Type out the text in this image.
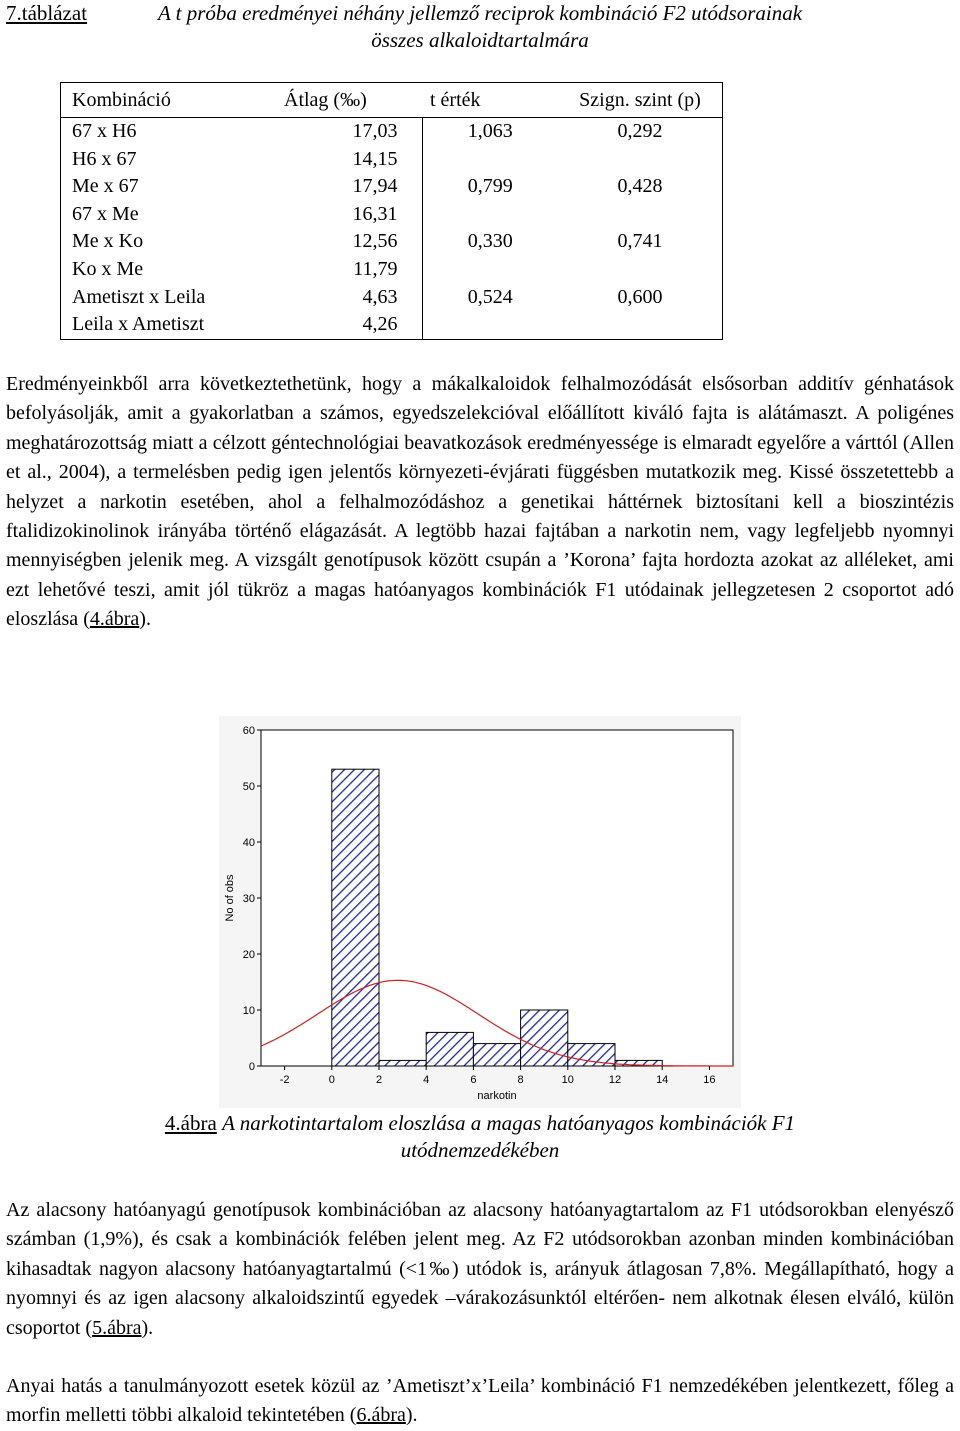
7.táblázat	A t próba eredményei néhány jellemző reciprok kombináció F2 utódsorainak
összes alkaloidtartalmára
Kombináció	Átlag (‰)	t érték	Szign. szint (p)
67 x H6	17,03	1,063	0,292
H6 x 67	14,15		
Me x 67	17,94	0,799	0,428
67 x Me	16,31		
Me x Ko	12,56	0,330	0,741
Ko x Me	11,79		
Ametiszt x Leila	4,63	0,524	0,600
Leila x Ametiszt	4,26		

Eredményeinkből arra következtethetünk, hogy a mákalkaloidok felhalmozódását elsősorban additív génhatások befolyásolják, amit a gyakorlatban a számos, egyedszelekcióval előállított kiváló fajta is alátámaszt. A poligénes meghatározottság miatt a célzott géntechnológiai beavatkozások eredményessége is elmaradt egyelőre a várttól (Allen et al., 2004), a termelésben pedig igen jelentős környezeti-évjárati függésben mutatkozik meg. Kissé összetettebb a helyzet a narkotin esetében, ahol a felhalmozódáshoz a genetikai háttérnek biztosítani kell a bioszintézis ftalidizokinolinok irányába történő elágazását. A legtöbb hazai fajtában a narkotin nem, vagy legfeljebb nyomnyi mennyiségben jelenik meg. A vizsgált genotípusok között csupán a ’Korona’ fajta hordozta azokat az alléleket, ami ezt lehetővé teszi, amit jól tükröz a magas hatóanyagos kombinációk F1 utódainak jellegzetesen 2 csoportot adó eloszlása (4.ábra).

0
10
20
30
40
50
60
-2	0	2	4	6	8	10	12	14	16
No of obs
narkotin
4.ábra A narkotintartalom eloszlása a magas hatóanyagos kombinációk F1
utódnemzedékében

Az alacsony hatóanyagú genotípusok kombinációban az alacsony hatóanyagtartalom az F1 utódsorokban elenyésző számban (1,9%), és csak a kombinációk felében jelent meg. Az F2 utódsorokban azonban minden kombinációban kihasadtak nagyon alacsony hatóanyagtartalmú (<1‰) utódok is, arányuk átlagosan 7,8%. Megállapítható, hogy a nyomnyi és az igen alacsony alkaloidszintű egyedek –várakozásunktól eltérően- nem alkotnak élesen elváló, külön csoportot (5.ábra).

Anyai hatás a tanulmányozott esetek közül az ’Ametiszt’x’Leila’ kombináció F1 nemzedékében jelentkezett, főleg a morfin melletti többi alkaloid tekintetében (6.ábra).
